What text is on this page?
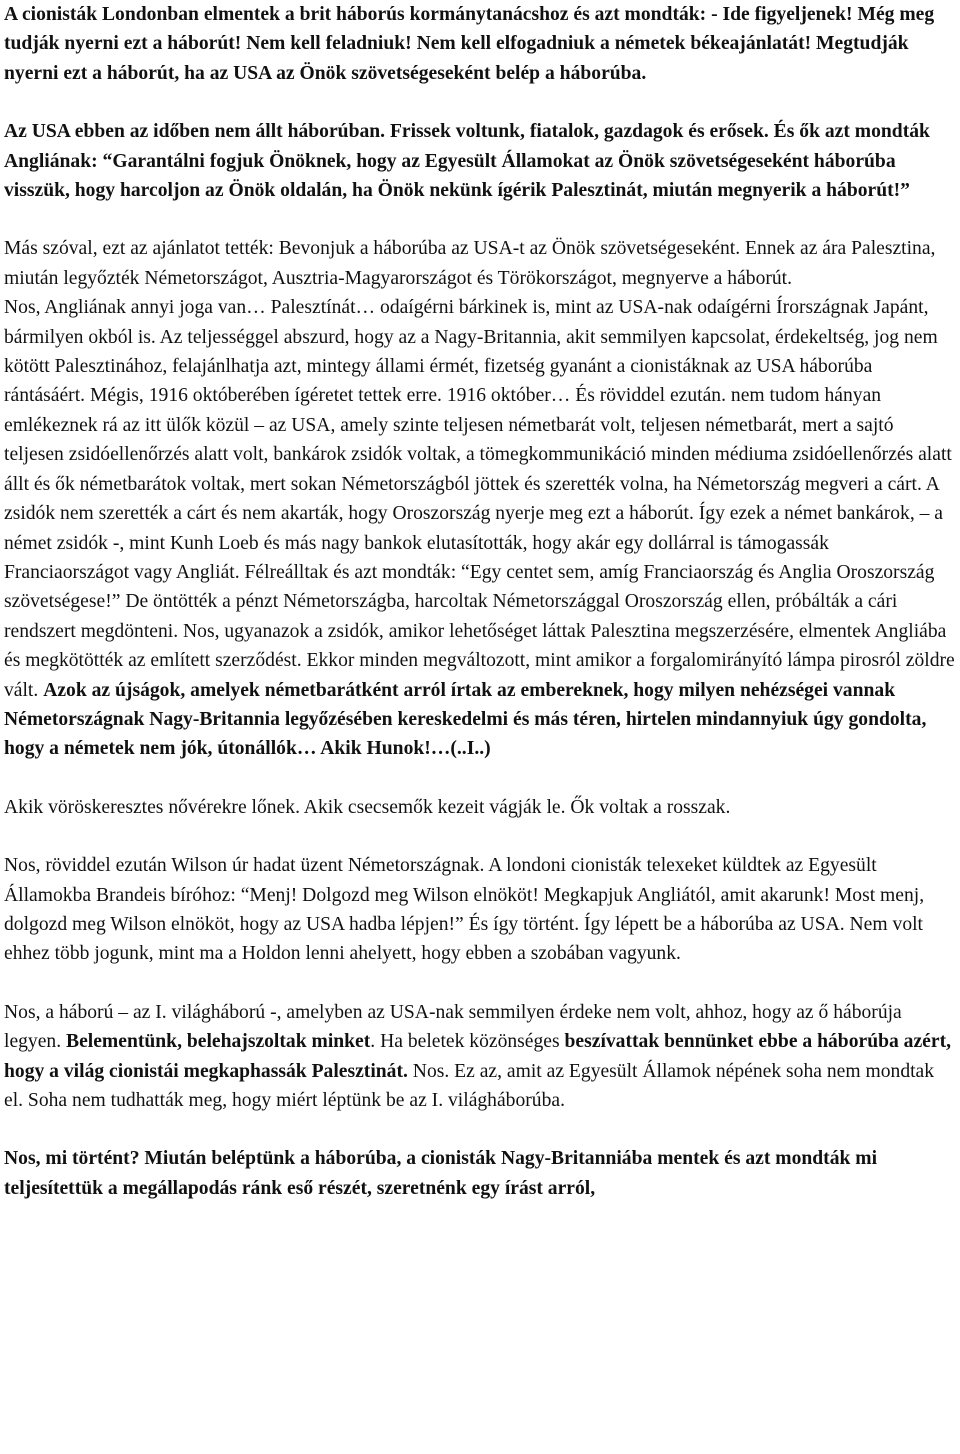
A cionisták Londonban elmentek a brit háborús kormánytanácshoz és azt mondták: - Ide figyeljenek! Még meg tudják nyerni ezt a háborút! Nem kell feladniuk! Nem kell elfogadniuk a németek békeajánlatát! Megtudják nyerni ezt a háborút, ha az USA az Önök szövetségeseként belép a háborúba.

Az USA ebben az időben nem állt háborúban. Frissek voltunk, fiatalok, gazdagok és erősek. És ők azt mondták Angliának: “Garantálni fogjuk Önöknek, hogy az Egyesült Államokat az Önök szövetségeseként háborúba visszük, hogy harcoljon az Önök oldalán, ha Önök nekünk ígérik Palesztinát, miután megnyerik a háborút!”

Más szóval, ezt az ajánlatot tették: Bevonjuk a háborúba az USA-t az Önök szövetségeseként. Ennek az ára Palesztina, miután legyőzték Németországot, Ausztria-Magyarországot és Törökországot, megnyerve a háborút.

Nos, Angliának annyi joga van… Palesztínát… odaígérni bárkinek is, mint az USA-nak odaígérni Írországnak Japánt, bármilyen okból is. Az teljességgel abszurd, hogy az a Nagy-Britannia, akit semmilyen kapcsolat, érdekeltség, jog nem kötött Palesztinához, felajánlhatja azt, mintegy állami érmét, fizetség gyanánt a cionistáknak az USA háborúba rántásáért. Mégis, 1916 októberében ígéretet tettek erre. 1916 október… És röviddel ezután. nem tudom hányan emlékeznek rá az itt ülők közül – az USA, amely szinte teljesen németbarát volt, teljesen németbarát, mert a sajtó teljesen zsidóellenőrzés alatt volt, bankárok zsidók voltak, a tömegkommunikáció minden médiuma zsidóellenőrzés alatt állt és ők németbarátok voltak, mert sokan Németországból jöttek és szerették volna, ha Németország megveri a cárt. A zsidók nem szerették a cárt és nem akarták, hogy Oroszország nyerje meg ezt a háborút. Így ezek a német bankárok, – a német zsidók -, mint Kunh Loeb és más nagy bankok elutasították, hogy akár egy dollárral is támogassák Franciaországot vagy Angliát. Félreálltak és azt mondták: “Egy centet sem, amíg Franciaország és Anglia Oroszország szövetségese!” De öntötték a pénzt Németországba, harcoltak Németországgal Oroszország ellen, próbálták a cári rendszert megdönteni. Nos, ugyanazok a zsidók, amikor lehetőséget láttak Palesztina megszerzésére, elmentek Angliába és megkötötték az említett szerződést. Ekkor minden megváltozott, mint amikor a forgalomirányító lámpa pirosról zöldre vált. Azok az újságok, amelyek németbarátként arról írtak az embereknek, hogy milyen nehézségei vannak Németországnak Nagy-Britannia legyőzésében kereskedelmi és más téren, hirtelen mindannyiuk úgy gondolta, hogy a németek nem jók, útonállók… Akik Hunok!…(..I..)

Akik vöröskeresztes nővérekre lőnek. Akik csecsemők kezeit vágják le. Ők voltak a rosszak.

Nos, röviddel ezután Wilson úr hadat üzent Németországnak. A londoni cionisták telexeket küldtek az Egyesült Államokba Brandeis bíróhoz: “Menj! Dolgozd meg Wilson elnököt! Megkapjuk Angliától, amit akarunk! Most menj, dolgozd meg Wilson elnököt, hogy az USA hadba lépjen!” És így történt. Így lépett be a háborúba az USA. Nem volt ehhez több jogunk, mint ma a Holdon lenni ahelyett, hogy ebben a szobában vagyunk.

Nos, a háború – az I. világháború -, amelyben az USA-nak semmilyen érdeke nem volt, ahhoz, hogy az ő háborúja legyen. Belementünk, belehajszoltak minket. Ha beletek közönséges beszívattak bennünket ebbe a háborúba azért, hogy a világ cionistái megkaphassák Palesztinát. Nos. Ez az, amit az Egyesült Államok népének soha nem mondtak el. Soha nem tudhatták meg, hogy miért léptünk be az I. világháborúba.

Nos, mi történt? Miután beléptünk a háborúba, a cionisták Nagy-Britanniába mentek és azt mondták mi teljesítettük a megállapodás ránk eső részét, szeretnénk egy írást arról,
